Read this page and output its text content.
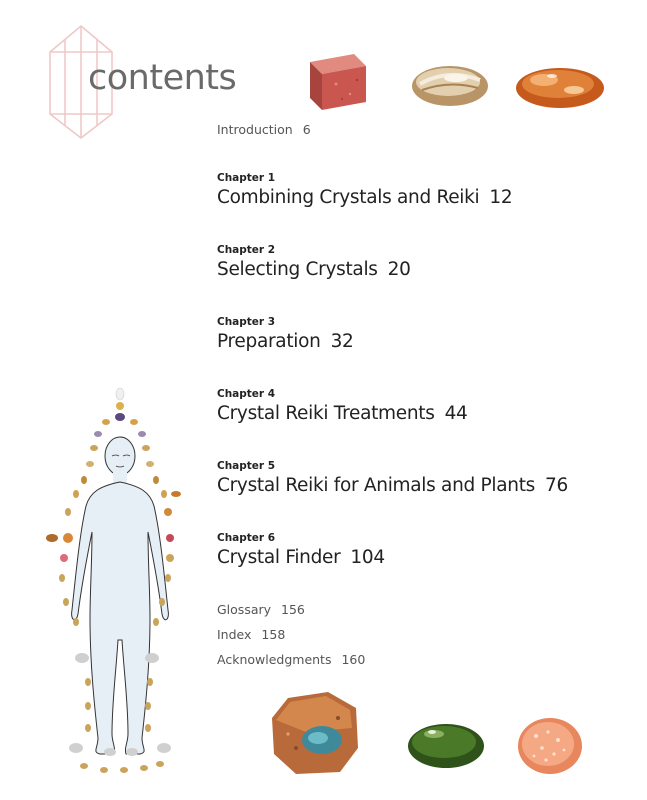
contents
Introduction 6
Chapter 1
Combining Crystals and Reiki 12
Chapter 2
Selecting Crystals 20
Chapter 3
Preparation 32
Chapter 4
Crystal Reiki Treatments 44
Chapter 5
Crystal Reiki for Animals and Plants 76
Chapter 6
Crystal Finder 104
Glossary 156
Index 158
Acknowledgments 160
